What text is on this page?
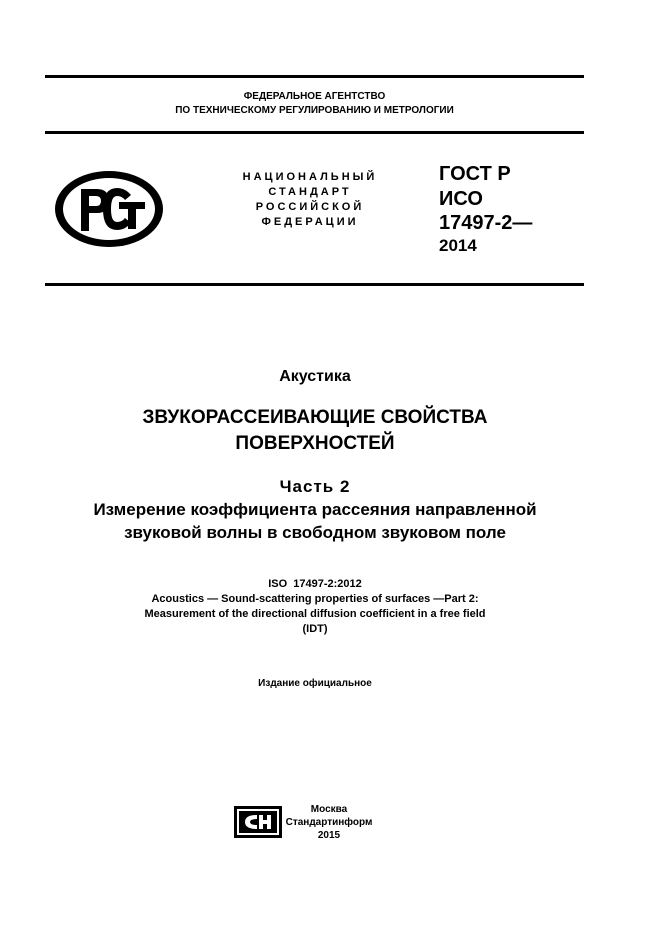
ФЕДЕРАЛЬНОЕ АГЕНТСТВО
ПО ТЕХНИЧЕСКОМУ РЕГУЛИРОВАНИЮ И МЕТРОЛОГИИ
НАЦИОНАЛЬНЫЙ
СТАНДАРТ
РОССИЙСКОЙ
ФЕДЕРАЦИИ
ГОСТ Р
ИСО
17497-2—
2014
Акустика
ЗВУКОРАССЕИВАЮЩИЕ СВОЙСТВА
ПОВЕРХНОСТЕЙ
Часть 2
Измерение коэффициента рассеяния направленной
звуковой волны в свободном звуковом поле
ISO  17497-2:2012
Acoustics — Sound-scattering properties of surfaces —Part 2:
Measurement of the directional diffusion coefficient in a free field
(IDT)
Издание официальное
Москва
Стандартинформ
2015
